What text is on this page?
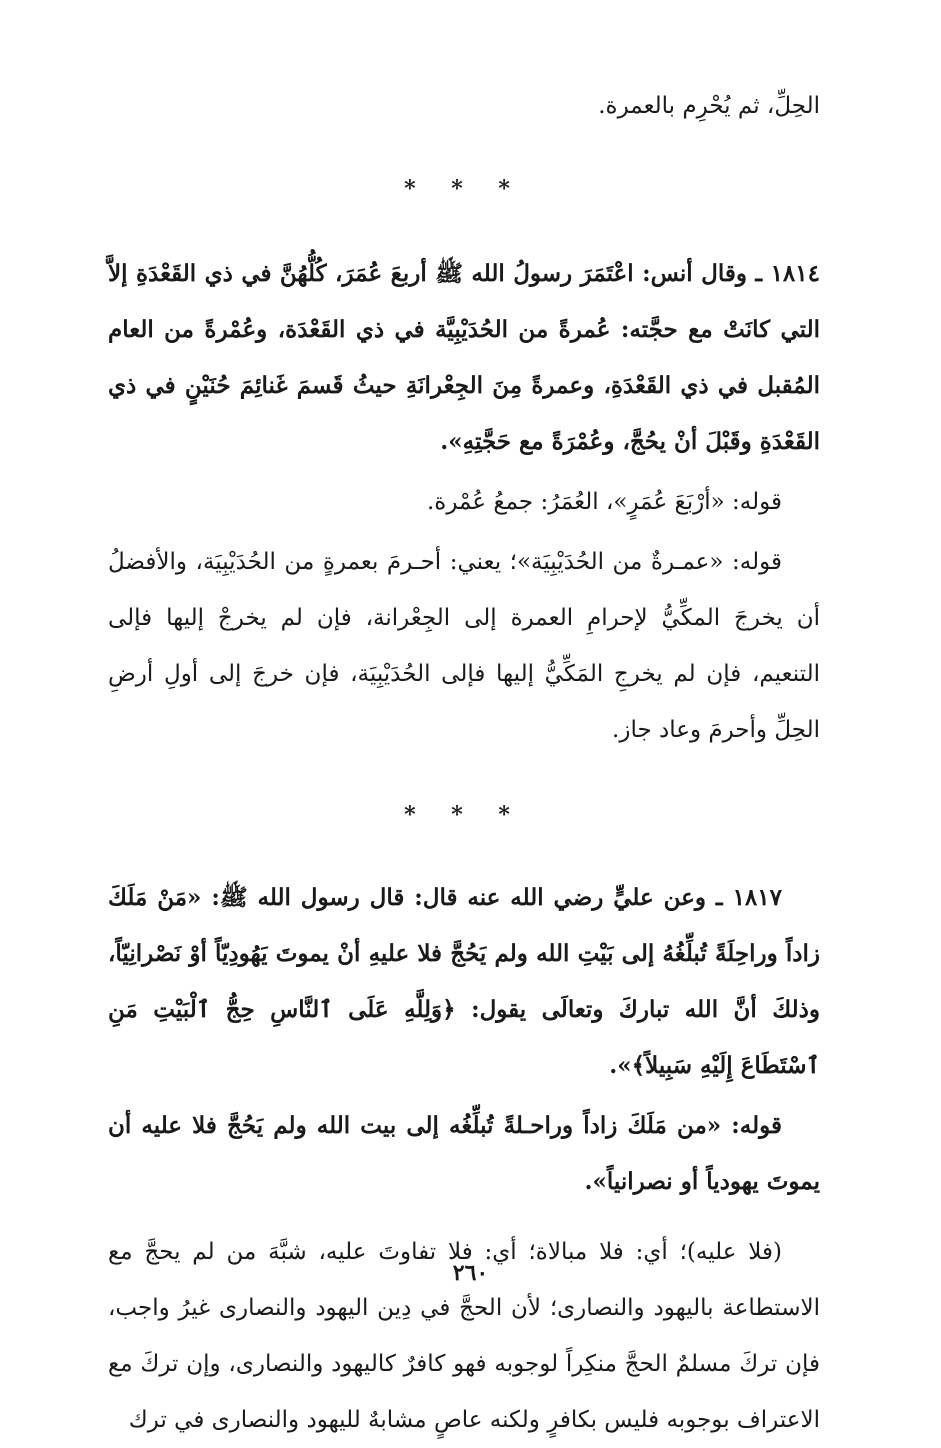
الحِلِّ، ثم يُحْرِم بالعمرة.

* * *

١٨١٤ ـ وقال أنس: اعْتَمَرَ رسولُ الله ﷺ أربعَ عُمَرَ، كُلُّهُنَّ في ذي القَعْدَةِ إلاَّ التي كانَتْ مع حجَّته: عُمرةً من الحُدَيْبِيَّة في ذي القَعْدَة، وعُمْرةً من العام المُقبل في ذي القَعْدَةِ، وعمرةً مِنَ الجِعْرانَةِ حيثُ قَسمَ غَنائِمَ حُنَيْنٍ في ذي القَعْدَةِ وقَبْلَ أنْ يحُجَّ، وعُمْرَةً مع حَجَّتِهِ».

قوله: «أرْبَعَ عُمَرٍ»، العُمَرُ: جمعُ عُمْرة.

قوله: «عمـرةٌ من الحُدَيْبِيَة»؛ يعني: أحـرمَ بعمرةٍ من الحُدَيْبِيَة، والأفضلُ أن يخرجَ المكِّيُّ لإحرامِ العمرة إلى الجِعْرانة، فإن لم يخرجْ إليها فإلى التنعيم، فإن لم يخرجِ المَكِّيُّ إليها فإلى الحُدَيْبِيَة، فإن خرجَ إلى أولِ أرضِ الحِلِّ وأحرمَ وعاد جاز.

* * *

١٨١٧ ـ وعن عليٍّ رضي الله عنه قال: قال رسول الله ﷺ: «مَنْ مَلَكَ زاداً وراحِلَةً تُبلِّغُهُ إلى بَيْتِ الله ولم يَحُجَّ فلا عليهِ أنْ يموتَ يَهُودِيّاً أوْ نَصْرانِيّاً، وذلكَ أنَّ الله تباركَ وتعالَى يقول: ﴿وَلِلَّهِ عَلَى ٱلنَّاسِ حِجُّ ٱلْبَيْتِ مَنِ ٱسْتَطَاعَ إِلَيْهِ سَبِيلاً﴾».

قوله: «من مَلَكَ زاداً وراحـلةً تُبلِّغُه إلى بيت الله ولم يَحُجَّ فلا عليه أن يموتَ يهودياً أو نصرانياً».

(فلا عليه)؛ أي: فلا مبالاة؛ أي: فلا تفاوتَ عليه، شبَّهَ من لم يحجَّ مع الاستطاعة باليهود والنصارى؛ لأن الحجَّ في دِين اليهود والنصارى غيرُ واجب، فإن تركَ مسلمٌ الحجَّ منكِراً لوجوبه فهو كافرٌ كاليهود والنصارى، وإن تركَ مع الاعتراف بوجوبه فليس بكافرٍ ولكنه عاصٍ مشابهٌ لليهود والنصارى في ترك

٢٦٠
